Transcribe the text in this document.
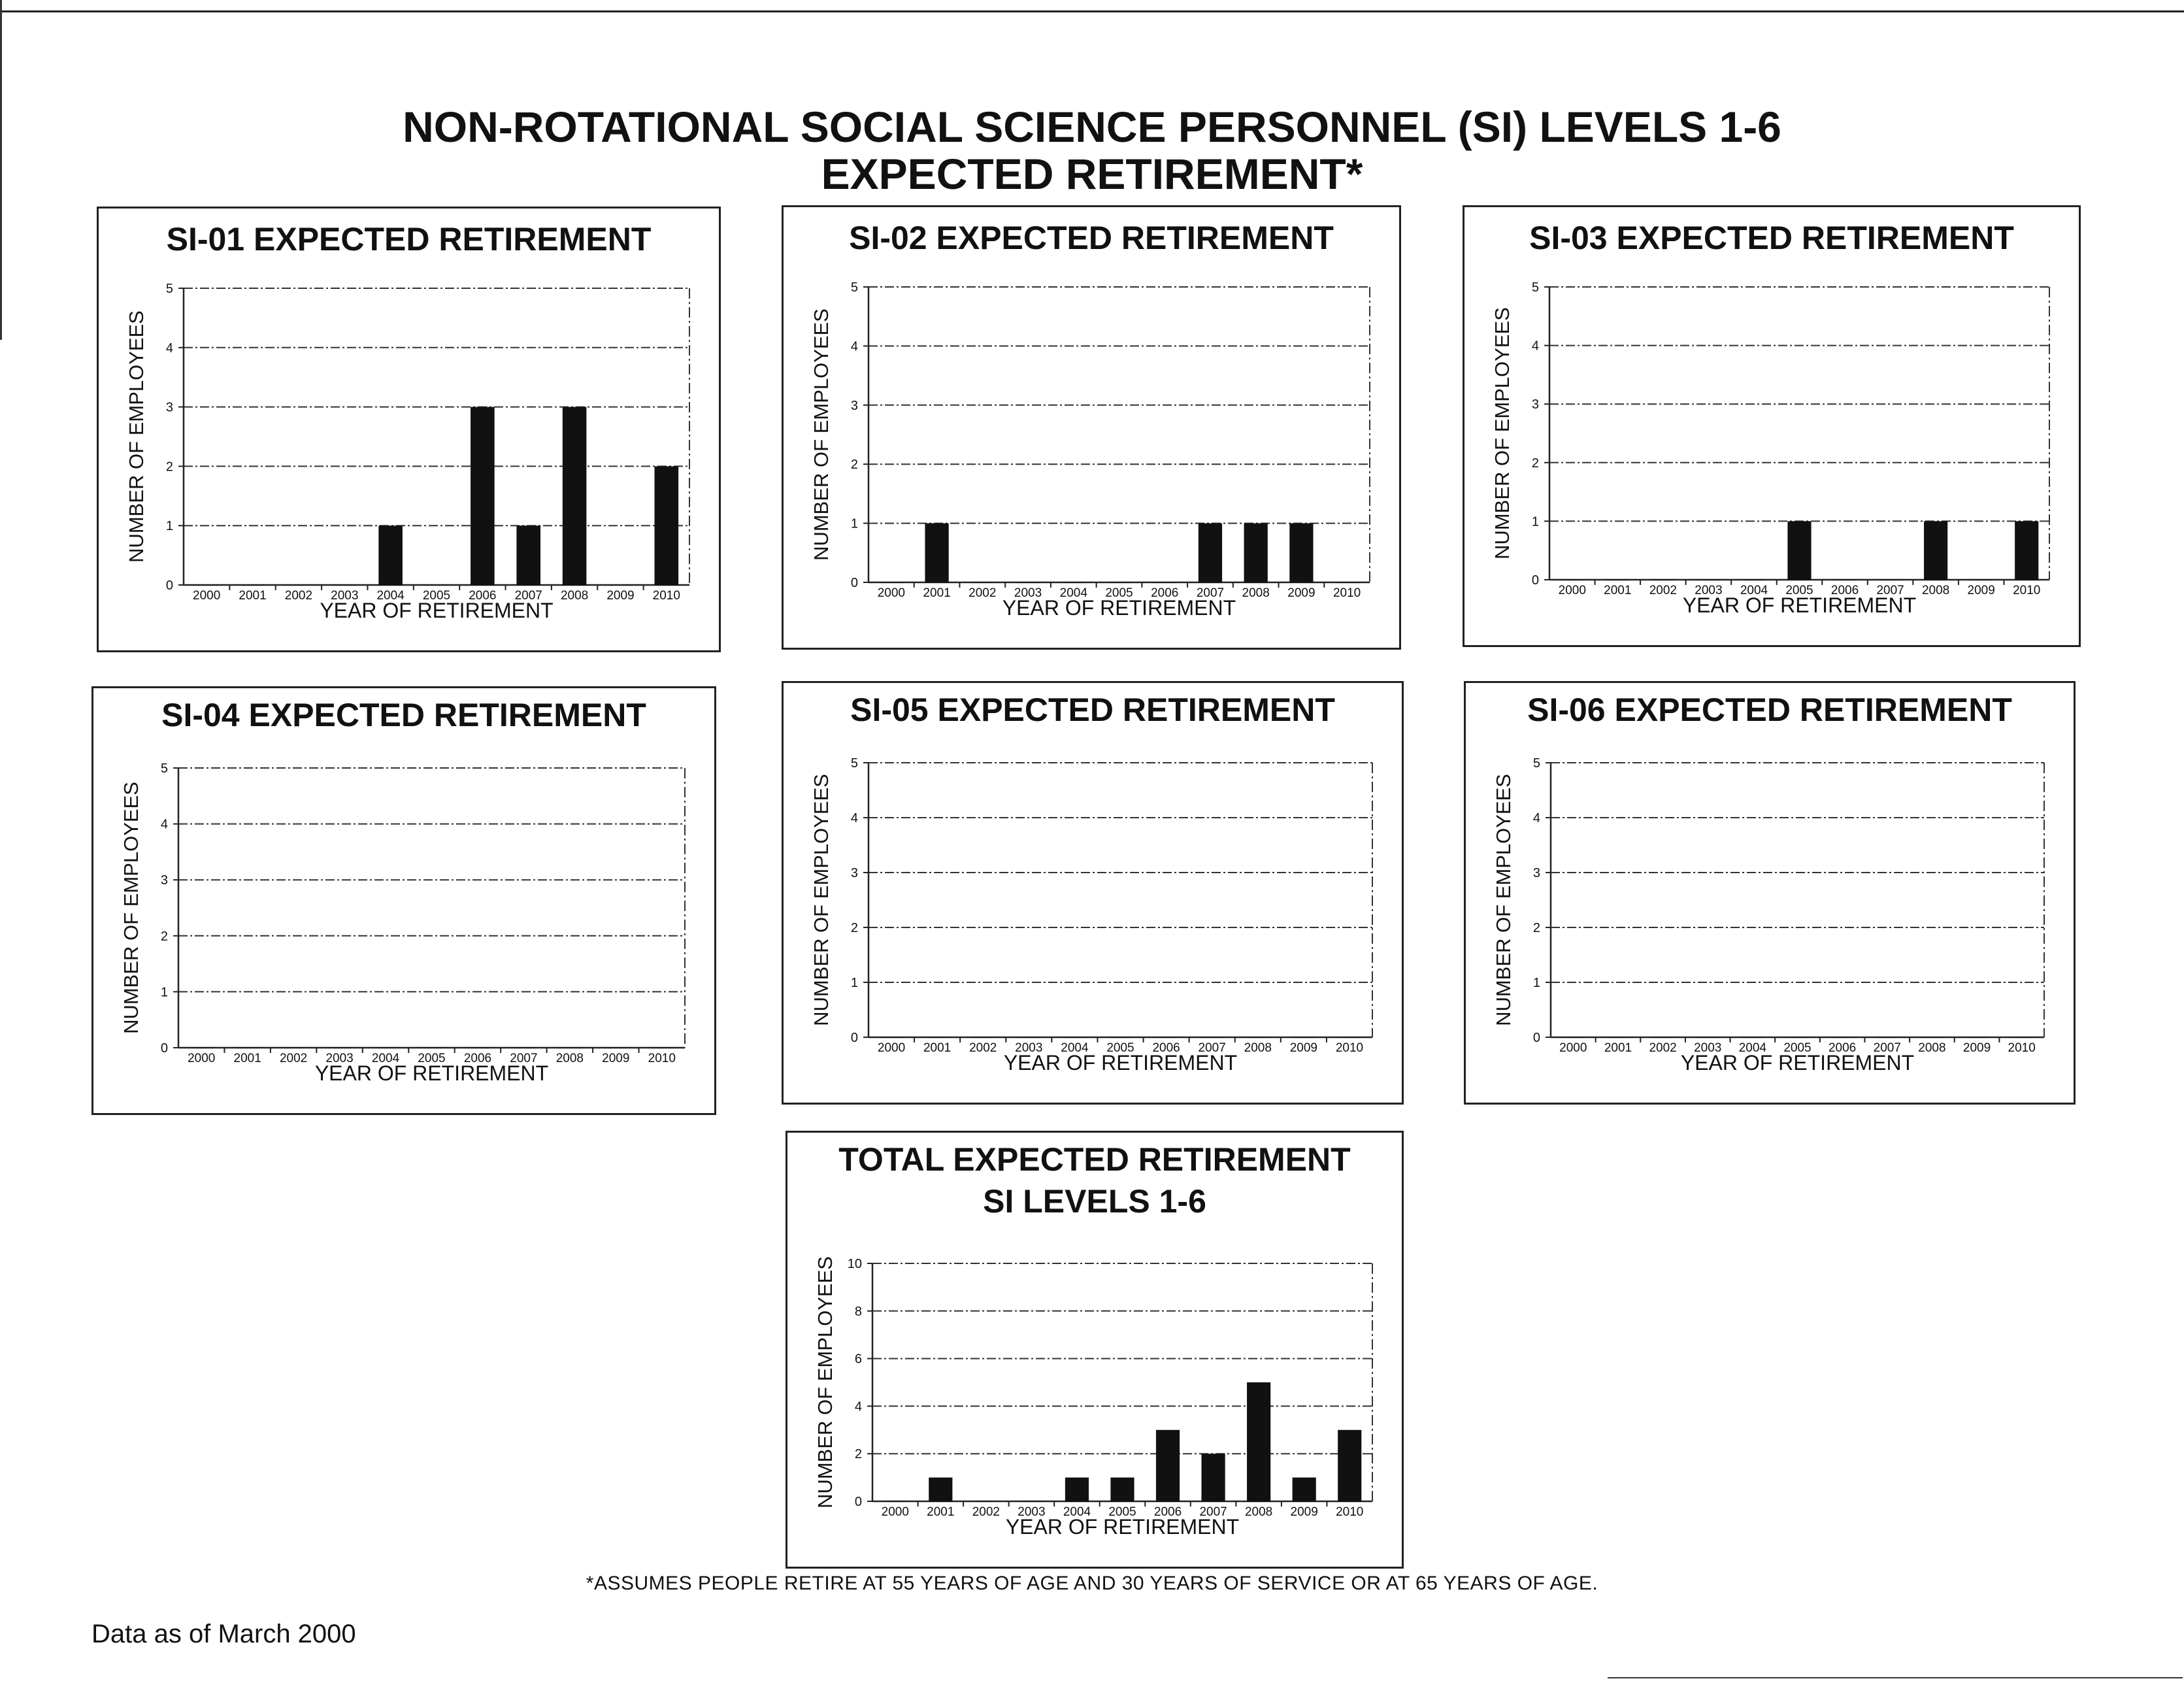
NON-ROTATIONAL SOCIAL SCIENCE PERSONNEL (SI) LEVELS 1-6
EXPECTED RETIREMENT*
SI-01 EXPECTED RETIREMENT
0
1
2
3
4
5
2000 2001 2002 2003 2004 2005 2006 2007 2008 2009 2010
YEAR OF RETIREMENT
NUMBER OF EMPLOYEES
SI-02 EXPECTED RETIREMENT
0
1
2
3
4
5
2000 2001 2002 2003 2004 2005 2006 2007 2008 2009 2010
YEAR OF RETIREMENT
NUMBER OF EMPLOYEES
SI-03 EXPECTED RETIREMENT
0
1
2
3
4
5
2000 2001 2002 2003 2004 2005 2006 2007 2008 2009 2010
YEAR OF RETIREMENT
NUMBER OF EMPLOYEES
SI-04 EXPECTED RETIREMENT
0
1
2
3
4
5
2000 2001 2002 2003 2004 2005 2006 2007 2008 2009 2010
YEAR OF RETIREMENT
NUMBER OF EMPLOYEES
SI-05 EXPECTED RETIREMENT
0
1
2
3
4
5
2000 2001 2002 2003 2004 2005 2006 2007 2008 2009 2010
YEAR OF RETIREMENT
NUMBER OF EMPLOYEES
SI-06 EXPECTED RETIREMENT
0
1
2
3
4
5
2000 2001 2002 2003 2004 2005 2006 2007 2008 2009 2010
YEAR OF RETIREMENT
NUMBER OF EMPLOYEES
TOTAL EXPECTED RETIREMENT
SI LEVELS 1-6
0
2
4
6
8
10
2000 2001 2002 2003 2004 2005 2006 2007 2008 2009 2010
YEAR OF RETIREMENT
NUMBER OF EMPLOYEES
*ASSUMES PEOPLE RETIRE AT 55 YEARS OF AGE AND 30 YEARS OF SERVICE OR AT 65 YEARS OF AGE.
Data as of March 2000
